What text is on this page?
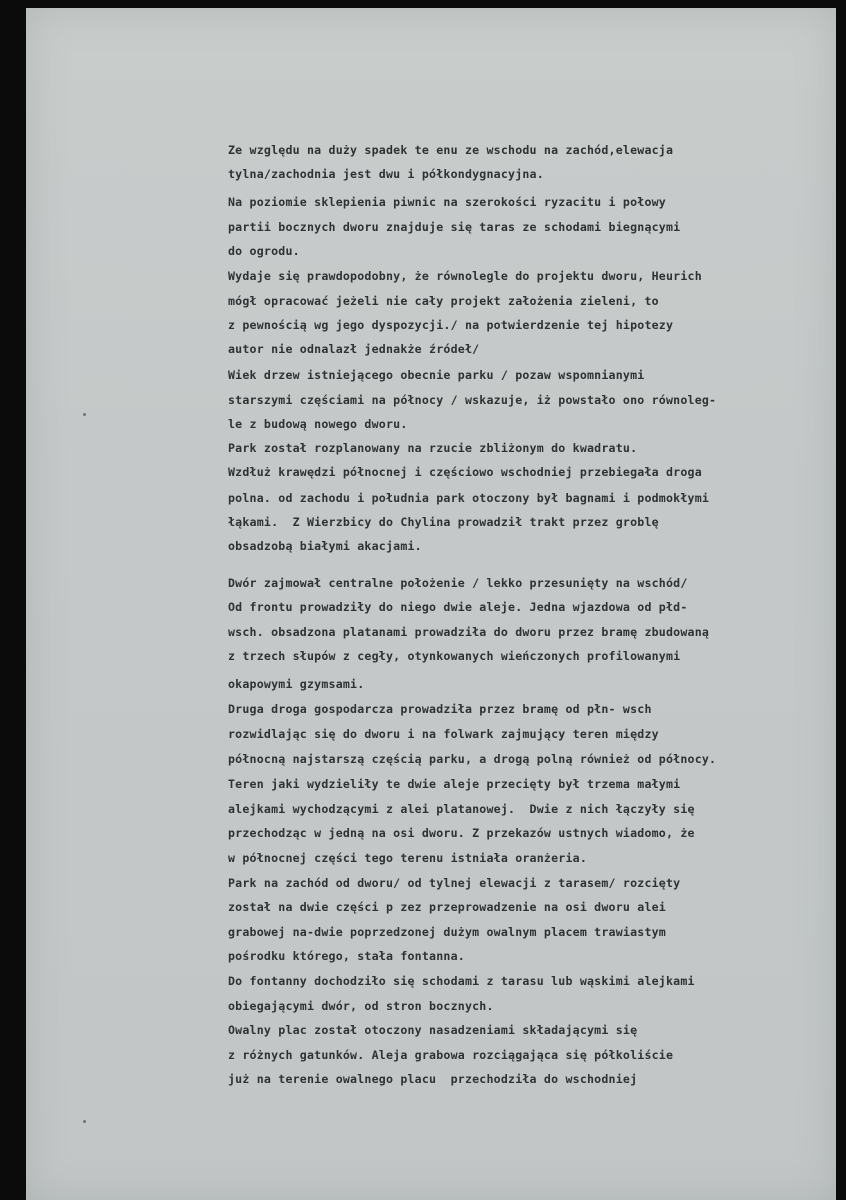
Ze względu na duży spadek te enu ze wschodu na zachód,elewacja
tylna/zachodnia jest dwu i półkondygnacyjna.
Na poziomie sklepienia piwnic na szerokości ryzacitu i połowy
partii bocznych dworu znajduje się taras ze schodami biegnącymi
do ogrodu.
Wydaje się prawdopodobny, że równolegle do projektu dworu, Heurich
mógł opracować jeżeli nie cały projekt założenia zieleni, to
z pewnością wg jego dyspozycji./ na potwierdzenie tej hipotezy
autor nie odnalazł jednakże źródeł/
Wiek drzew istniejącego obecnie parku / pozaw wspomnianymi
starszymi częściami na północy / wskazuje, iż powstało ono równoleg-
le z budową nowego dworu.
Park został rozplanowany na rzucie zbliżonym do kwadratu.
Wzdłuż krawędzi północnej i częściowo wschodniej przebiegała droga
polna. od zachodu i południa park otoczony był bagnami i podmokłymi
łąkami.  Z Wierzbicy do Chylina prowadził trakt przez groblę
obsadzobą białymi akacjami.
Dwór zajmował centralne położenie / lekko przesunięty na wschód/
Od frontu prowadziły do niego dwie aleje. Jedna wjazdowa od płd-
wsch. obsadzona platanami prowadziła do dworu przez bramę zbudowaną
z trzech słupów z cegły, otynkowanych wieńczonych profilowanymi
okapowymi gzymsami.
Druga droga gospodarcza prowadziła przez bramę od płn- wsch
rozwidlając się do dworu i na folwark zajmujący teren między
północną najstarszą częścią parku, a drogą polną również od północy.
Teren jaki wydzieliły te dwie aleje przecięty był trzema małymi
alejkami wychodzącymi z alei platanowej.  Dwie z nich łączyły się
przechodząc w jedną na osi dworu. Z przekazów ustnych wiadomo, że
w północnej części tego terenu istniała oranżeria.
Park na zachód od dworu/ od tylnej elewacji z tarasem/ rozcięty
został na dwie części p zez przeprowadzenie na osi dworu alei
grabowej na-dwie poprzedzonej dużym owalnym placem trawiastym
pośrodku którego, stała fontanna.
Do fontanny dochodziło się schodami z tarasu lub wąskimi alejkami
obiegającymi dwór, od stron bocznych.
Owalny plac został otoczony nasadzeniami składającymi się
z różnych gatunków. Aleja grabowa rozciągająca się półkoliście
już na terenie owalnego placu  przechodziła do wschodniej
